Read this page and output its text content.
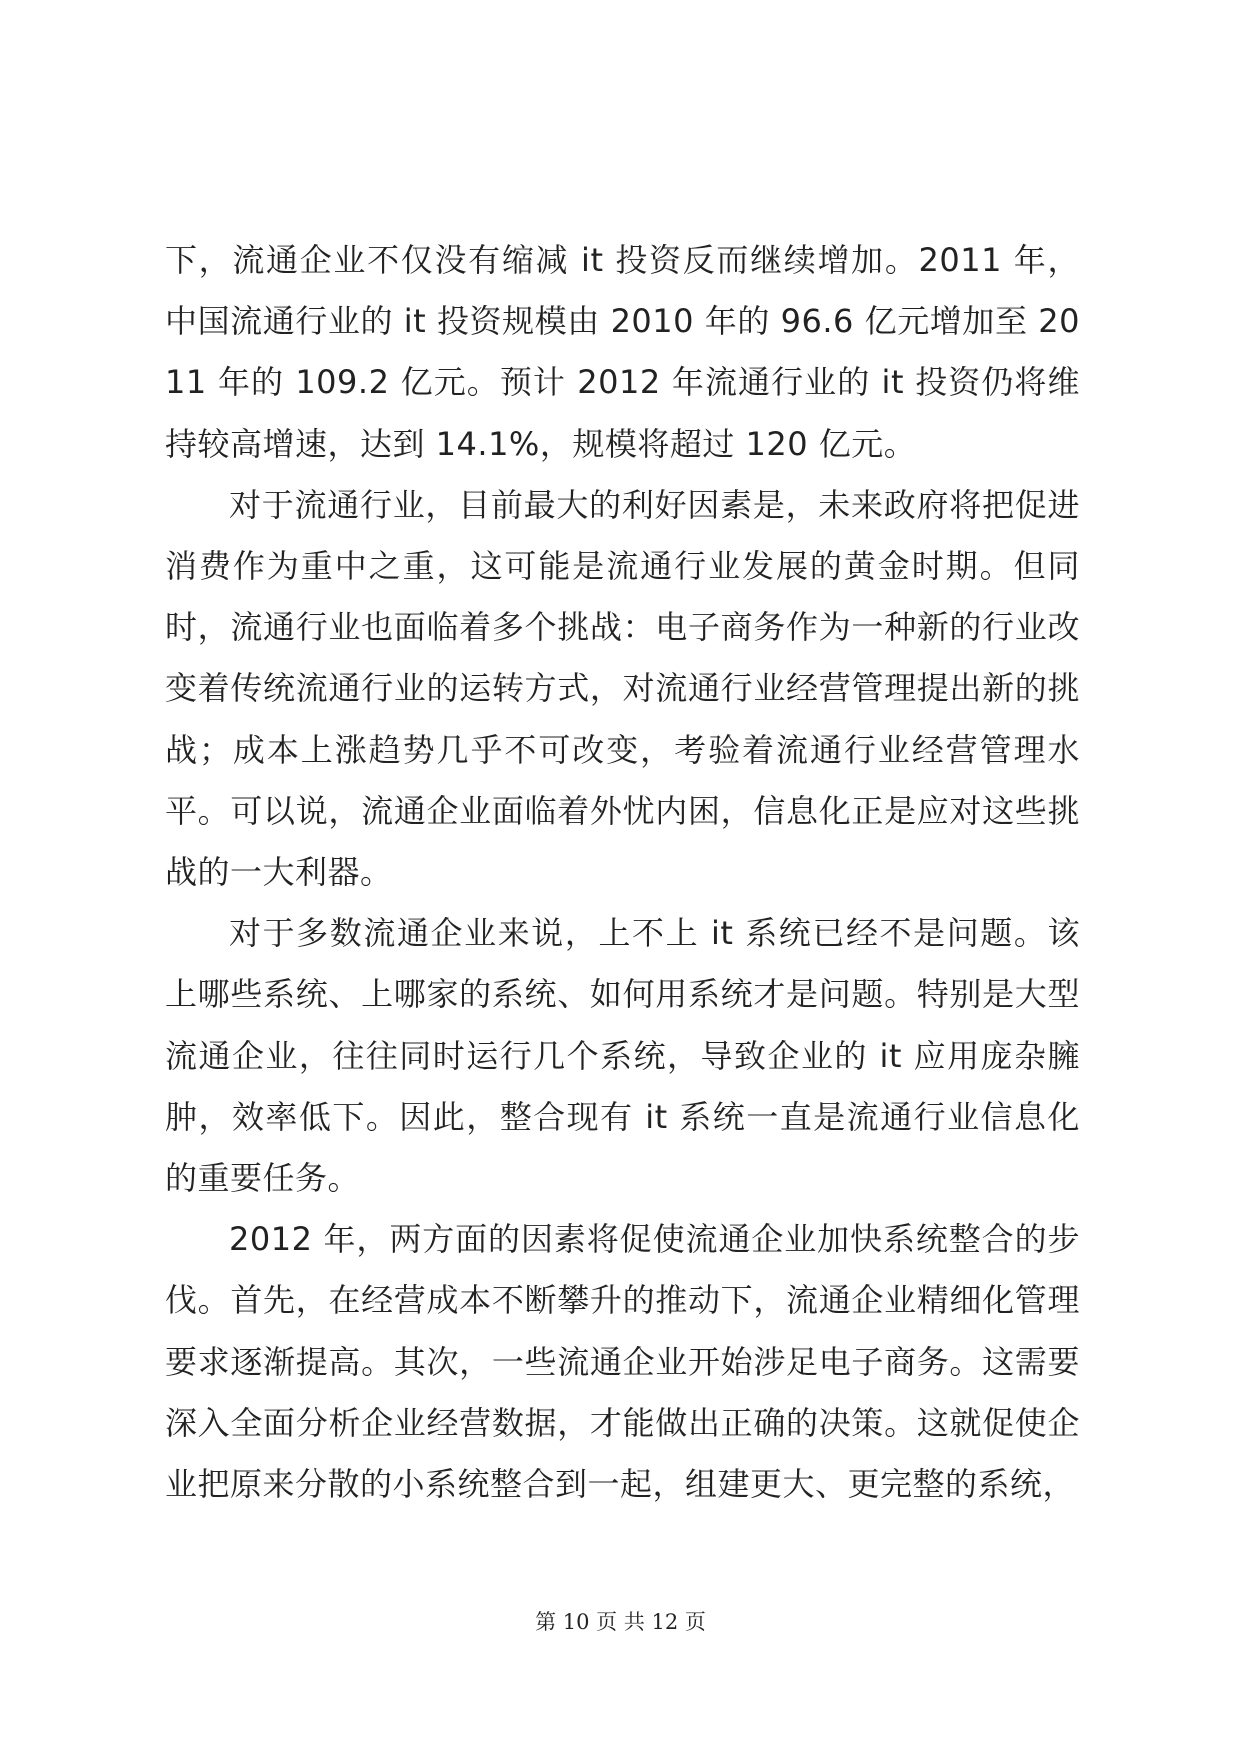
下，流通企业不仅没有缩减 it 投资反而继续增加。2011 年，中国流通行业的 it 投资规模由 2010 年的 96.6 亿元增加至 2011 年的 109.2 亿元。预计 2012 年流通行业的 it 投资仍将维持较高增速，达到 14.1%，规模将超过 120 亿元。

对于流通行业，目前最大的利好因素是，未来政府将把促进消费作为重中之重，这可能是流通行业发展的黄金时期。但同时，流通行业也面临着多个挑战：电子商务作为一种新的行业改变着传统流通行业的运转方式，对流通行业经营管理提出新的挑战；成本上涨趋势几乎不可改变，考验着流通行业经营管理水平。可以说，流通企业面临着外忧内困，信息化正是应对这些挑战的一大利器。

对于多数流通企业来说，上不上 it 系统已经不是问题。该上哪些系统、上哪家的系统、如何用系统才是问题。特别是大型流通企业，往往同时运行几个系统，导致企业的 it 应用庞杂臃肿，效率低下。因此，整合现有 it 系统一直是流通行业信息化的重要任务。

2012 年，两方面的因素将促使流通企业加快系统整合的步伐。首先，在经营成本不断攀升的推动下，流通企业精细化管理要求逐渐提高。其次，一些流通企业开始涉足电子商务。这需要深入全面分析企业经营数据，才能做出正确的决策。这就促使企业把原来分散的小系统整合到一起，组建更大、更完整的系统，

第 10 页 共 12 页
